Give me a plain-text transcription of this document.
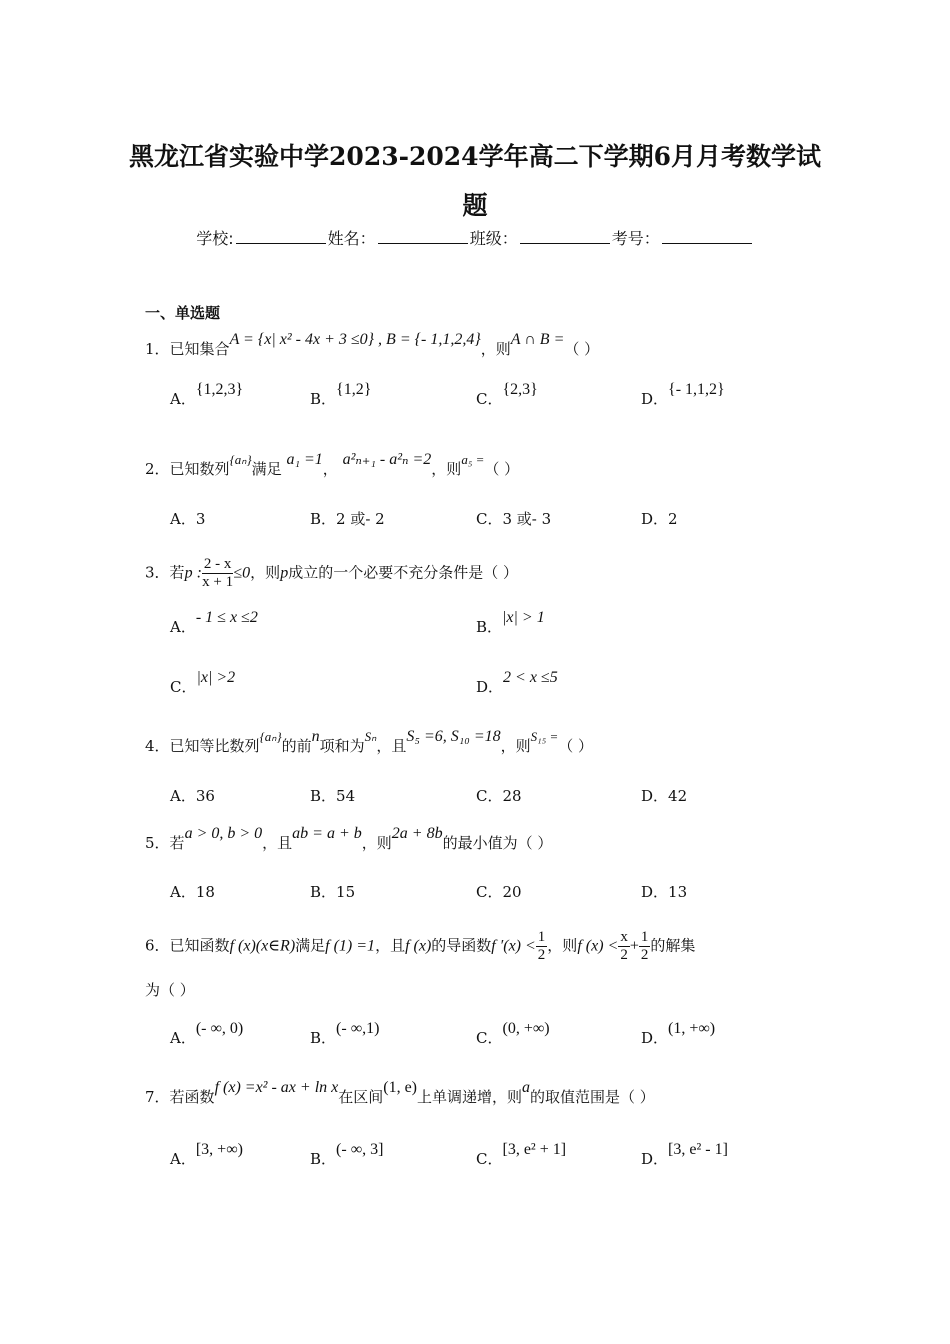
黑龙江省实验中学2023-2024学年高二下学期6月月考数学试
题
学校:	姓名：	班级：	考号：
一、单选题
1．已知集合A = {x| x² - 4x + 3 ≤0} , B = {- 1,1,2,4}，则A ∩ B =（ ）
A．{1,2,3}
B．{1,2}
C．{2,3}
D．{- 1,1,2}
2．已知数列{aₙ}满足 a₁ =1， a²ₙ₊₁ - a²ₙ =2，则a₅ =（ ）
A．3	B．2 或- 2	C．3 或- 3	D．2
3．若p : $\frac{2 - x}{x + 1} \le 0$，则p成立的一个必要不充分条件是（ ）
A．- 1 ≤ x ≤2
B．|x| > 1
C．|x| >2
D．2 < x ≤5
4．已知等比数列{aₙ}的前n项和为Sₙ，且S₅ =6, S₁₀ =18，则S₁₅ =（ ）
A．36	B．54	C．28	D．42
5．若a > 0, b > 0，且ab = a + b，则2a + 8b的最小值为（ ）
A．18	B．15	C．20	D．13
6．已知函数f (x)(x∈R)满足f (1) =1，且f (x)的导函数f $'(x) < \frac{1}{2}$ ，则f $(x) < \frac{x}{2} + \frac{1}{2}$ 的解集
为（ ）
A．(- ∞, 0)
B．(- ∞,1)
C．(0, +∞)
D．(1, +∞)
7．若函数f (x) =x² - ax + ln x在区间(1, e)上单调递增，则a的取值范围是（ ）
A．[3, +∞)
B．(- ∞, 3]
C．[3, e² + 1]
D．[3, e² - 1]
